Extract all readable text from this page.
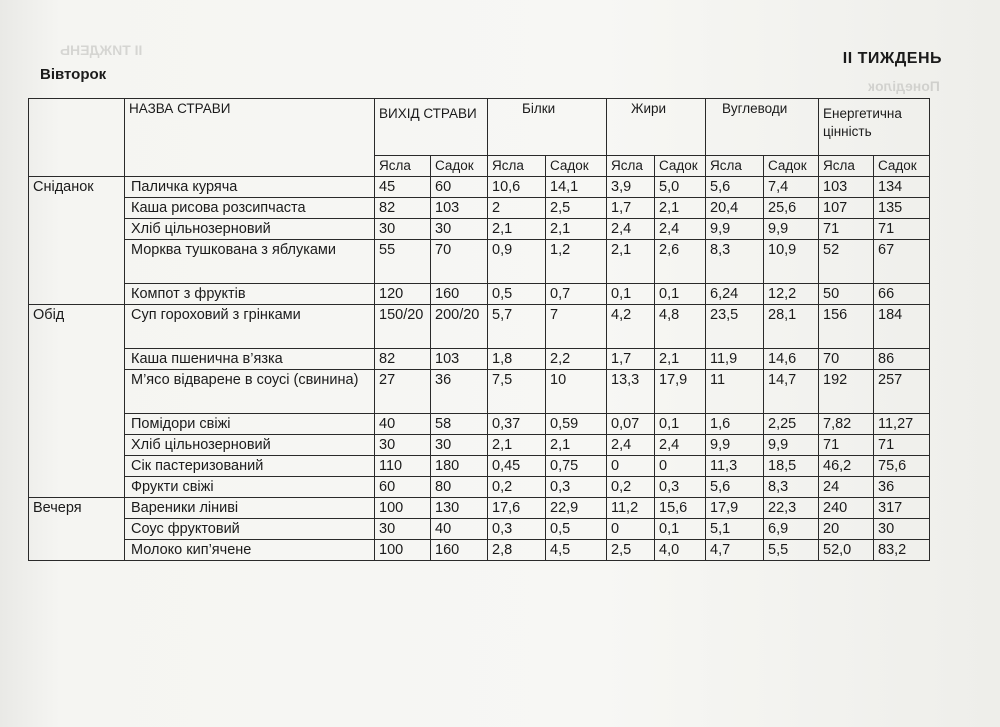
ІІ ТИЖДЕНЬ
Понеділок
Вівторок
ІІ ТИЖДЕНЬ
	НАЗВА СТРАВИ	ВИХІД СТРАВИ		Білки		Жири		Вуглеводи		Енергетична цінність	
		Ясла	Садок	Ясла	Садок	Ясла	Садок	Ясла	Садок	Ясла	Садок
Сніданок	Паличка куряча	45	60	10,6	14,1	3,9	5,0	5,6	7,4	103	134
	Каша рисова розсипчаста	82	103	2	2,5	1,7	2,1	20,4	25,6	107	135
	Хліб цільнозерновий	30	30	2,1	2,1	2,4	2,4	9,9	9,9	71	71
	Морква тушкована з яблуками	55	70	0,9	1,2	2,1	2,6	8,3	10,9	52	67
	Компот з фруктів	120	160	0,5	0,7	0,1	0,1	6,24	12,2	50	66
Обід	Суп гороховий з грінками	150/20	200/20	5,7	7	4,2	4,8	23,5	28,1	156	184
	Каша пшенична в’язка	82	103	1,8	2,2	1,7	2,1	11,9	14,6	70	86
	М’ясо відварене в соусі (свинина)	27	36	7,5	10	13,3	17,9	11	14,7	192	257
	Помідори свіжі	40	58	0,37	0,59	0,07	0,1	1,6	2,25	7,82	11,27
	Хліб цільнозерновий	30	30	2,1	2,1	2,4	2,4	9,9	9,9	71	71
	Сік пастеризований	110	180	0,45	0,75	0	0	11,3	18,5	46,2	75,6
	Фрукти свіжі	60	80	0,2	0,3	0,2	0,3	5,6	8,3	24	36
Вечеря	Вареники ліниві	100	130	17,6	22,9	11,2	15,6	17,9	22,3	240	317
	Соус фруктовий	30	40	0,3	0,5	0	0,1	5,1	6,9	20	30
	Молоко кип’ячене	100	160	2,8	4,5	2,5	4,0	4,7	5,5	52,0	83,2
